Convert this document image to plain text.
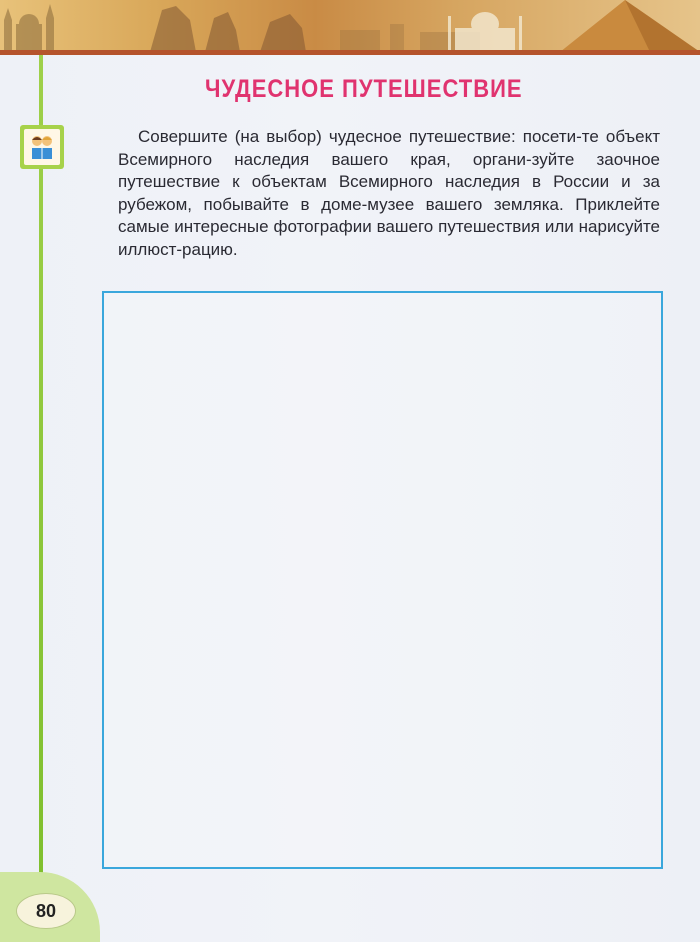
ЧУДЕСНОЕ ПУТЕШЕСТВИЕ
Совершите (на выбор) чудесное путешествие: посети-те объект Всемирного наследия вашего края, органи-зуйте заочное путешествие к объектам Всемирного наследия в России и за рубежом, побывайте в доме-музее вашего земляка. Приклейте самые интересные фотографии вашего путешествия или нарисуйте иллюст-рацию.
80
